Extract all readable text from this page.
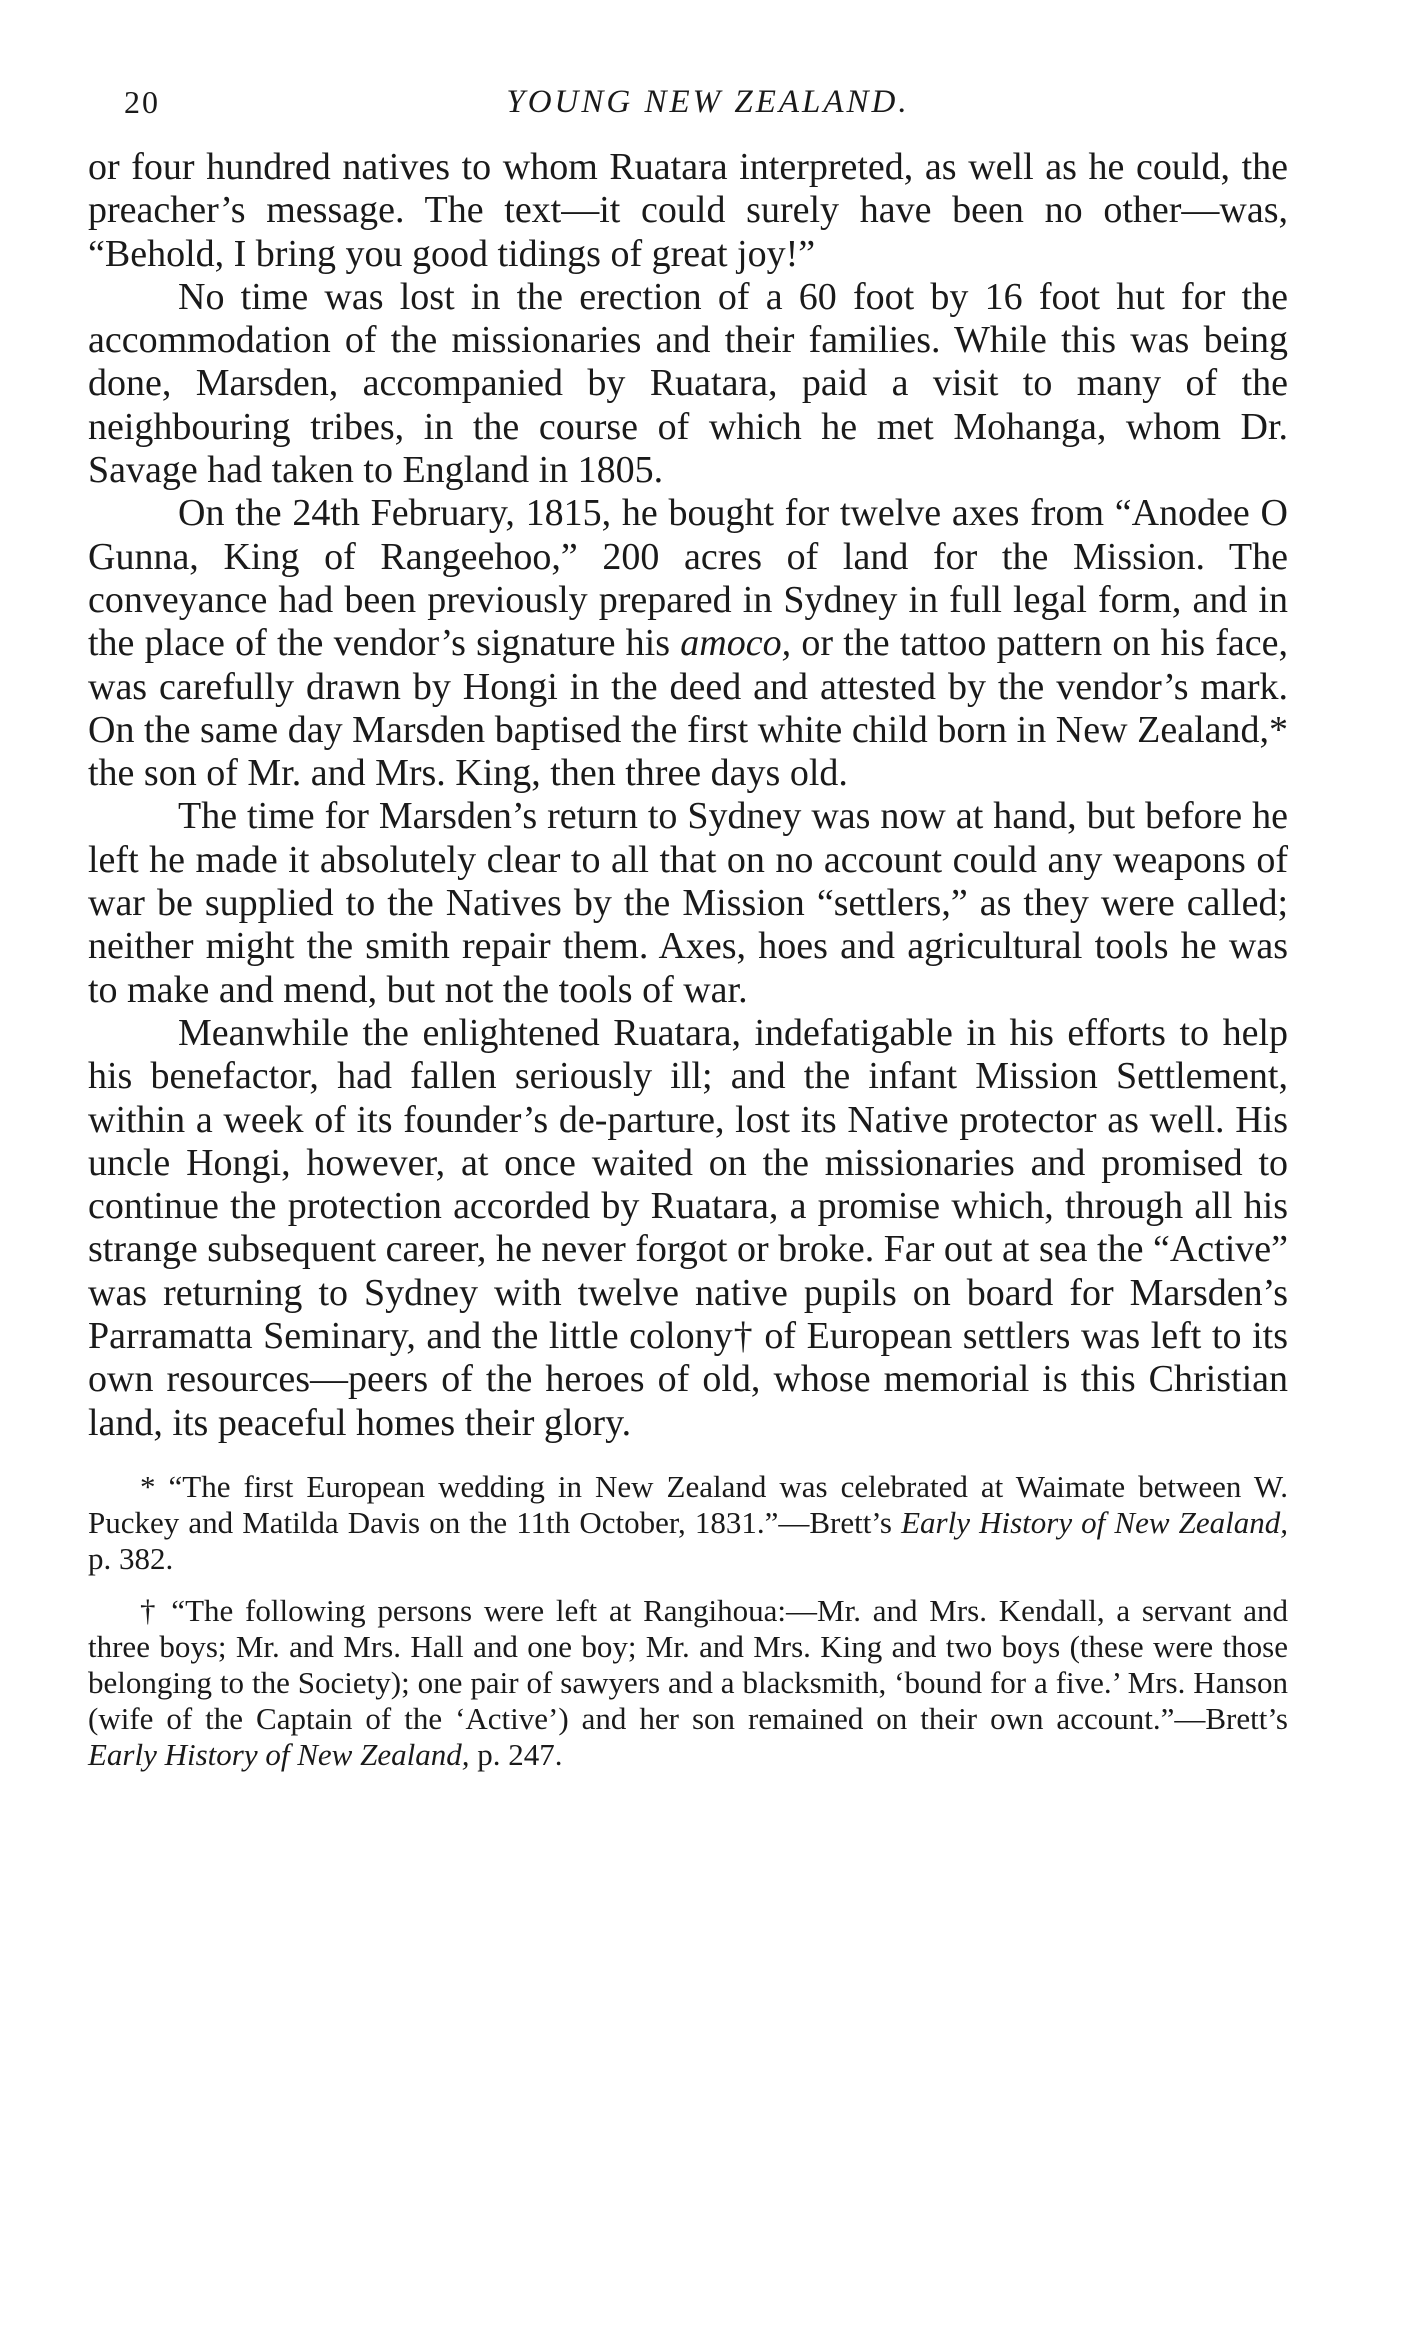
20	YOUNG NEW ZEALAND.

or four hundred natives to whom Ruatara interpreted, as well as he could, the preacher’s message. The text—it could surely have been no other—was, “Behold, I bring you good tidings of great joy!”

No time was lost in the erection of a 60 foot by 16 foot hut for the accommodation of the missionaries and their families. While this was being done, Marsden, accompanied by Ruatara, paid a visit to many of the neighbouring tribes, in the course of which he met Mohanga, whom Dr. Savage had taken to England in 1805.

On the 24th February, 1815, he bought for twelve axes from “Anodee O Gunna, King of Rangeehoo,” 200 acres of land for the Mission. The conveyance had been previously prepared in Sydney in full legal form, and in the place of the vendor’s signature his amoco, or the tattoo pattern on his face, was carefully drawn by Hongi in the deed and attested by the vendor’s mark. On the same day Marsden baptised the first white child born in New Zealand,* the son of Mr. and Mrs. King, then three days old.

The time for Marsden’s return to Sydney was now at hand, but before he left he made it absolutely clear to all that on no account could any weapons of war be supplied to the Natives by the Mission “settlers,” as they were called; neither might the smith repair them. Axes, hoes and agricultural tools he was to make and mend, but not the tools of war.

Meanwhile the enlightened Ruatara, indefatigable in his efforts to help his benefactor, had fallen seriously ill; and the infant Mission Settlement, within a week of its founder’s de-parture, lost its Native protector as well. His uncle Hongi, however, at once waited on the missionaries and promised to continue the protection accorded by Ruatara, a promise which, through all his strange subsequent career, he never forgot or broke. Far out at sea the “Active” was returning to Sydney with twelve native pupils on board for Marsden’s Parramatta Seminary, and the little colony† of European settlers was left to its own resources—peers of the heroes of old, whose memorial is this Christian land, its peaceful homes their glory.

* “The first European wedding in New Zealand was celebrated at Waimate between W. Puckey and Matilda Davis on the 11th October, 1831.”—Brett’s Early History of New Zealand, p. 382.

† “The following persons were left at Rangihoua:—Mr. and Mrs. Kendall, a servant and three boys; Mr. and Mrs. Hall and one boy; Mr. and Mrs. King and two boys (these were those belonging to the Society); one pair of sawyers and a blacksmith, ‘bound for a five.’ Mrs. Hanson (wife of the Captain of the ‘Active’) and her son remained on their own account.”—Brett’s Early History of New Zealand, p. 247.
